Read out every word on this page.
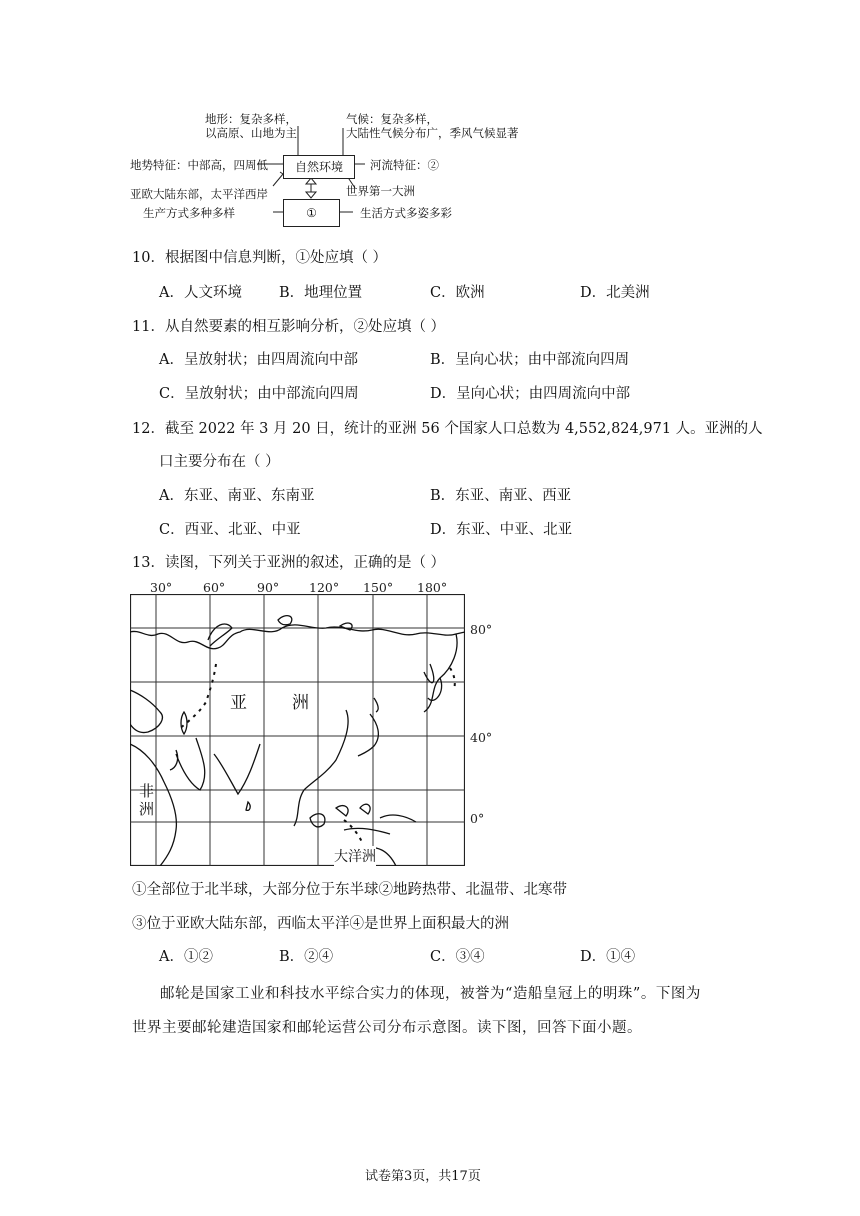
地形：复杂多样，
以高原、山地为主
气候：复杂多样，
大陆性气候分布广，季风气候显著
地势特征：中部高，四周低	自然环境	河流特征：②
亚欧大陆东部，太平洋西岸	世界第一大洲
①
生产方式多种多样	生活方式多姿多彩
10．根据图中信息判断，①处应填（ ）
A．人文环境	B．地理位置	C．欧洲	D．北美洲
11．从自然要素的相互影响分析，②处应填（ ）
A．呈放射状；由四周流向中部	B．呈向心状；由中部流向四周
C．呈放射状；由中部流向四周	D．呈向心状；由四周流向中部
12．截至 2022 年 3 月 20 日，统计的亚洲 56 个国家人口总数为 4,552,824,971 人。亚洲的人
口主要分布在（ ）
A．东亚、南亚、东南亚	B．东亚、南亚、西亚
C．西亚、北亚、中亚	D．东亚、中亚、北亚
13．读图，下列关于亚洲的叙述，正确的是（ ）
30° 60°	90° 120° 150° 180°
80°
40°
0°
亚	洲
非
洲
大洋洲
①全部位于北半球，大部分位于东半球②地跨热带、北温带、北寒带
③位于亚欧大陆东部，西临太平洋④是世界上面积最大的洲
A．①②	B．②④	C．③④	D．①④
邮轮是国家工业和科技水平综合实力的体现，被誉为“造船皇冠上的明珠”。下图为
世界主要邮轮建造国家和邮轮运营公司分布示意图。读下图，回答下面小题。
试卷第3页，共17页
